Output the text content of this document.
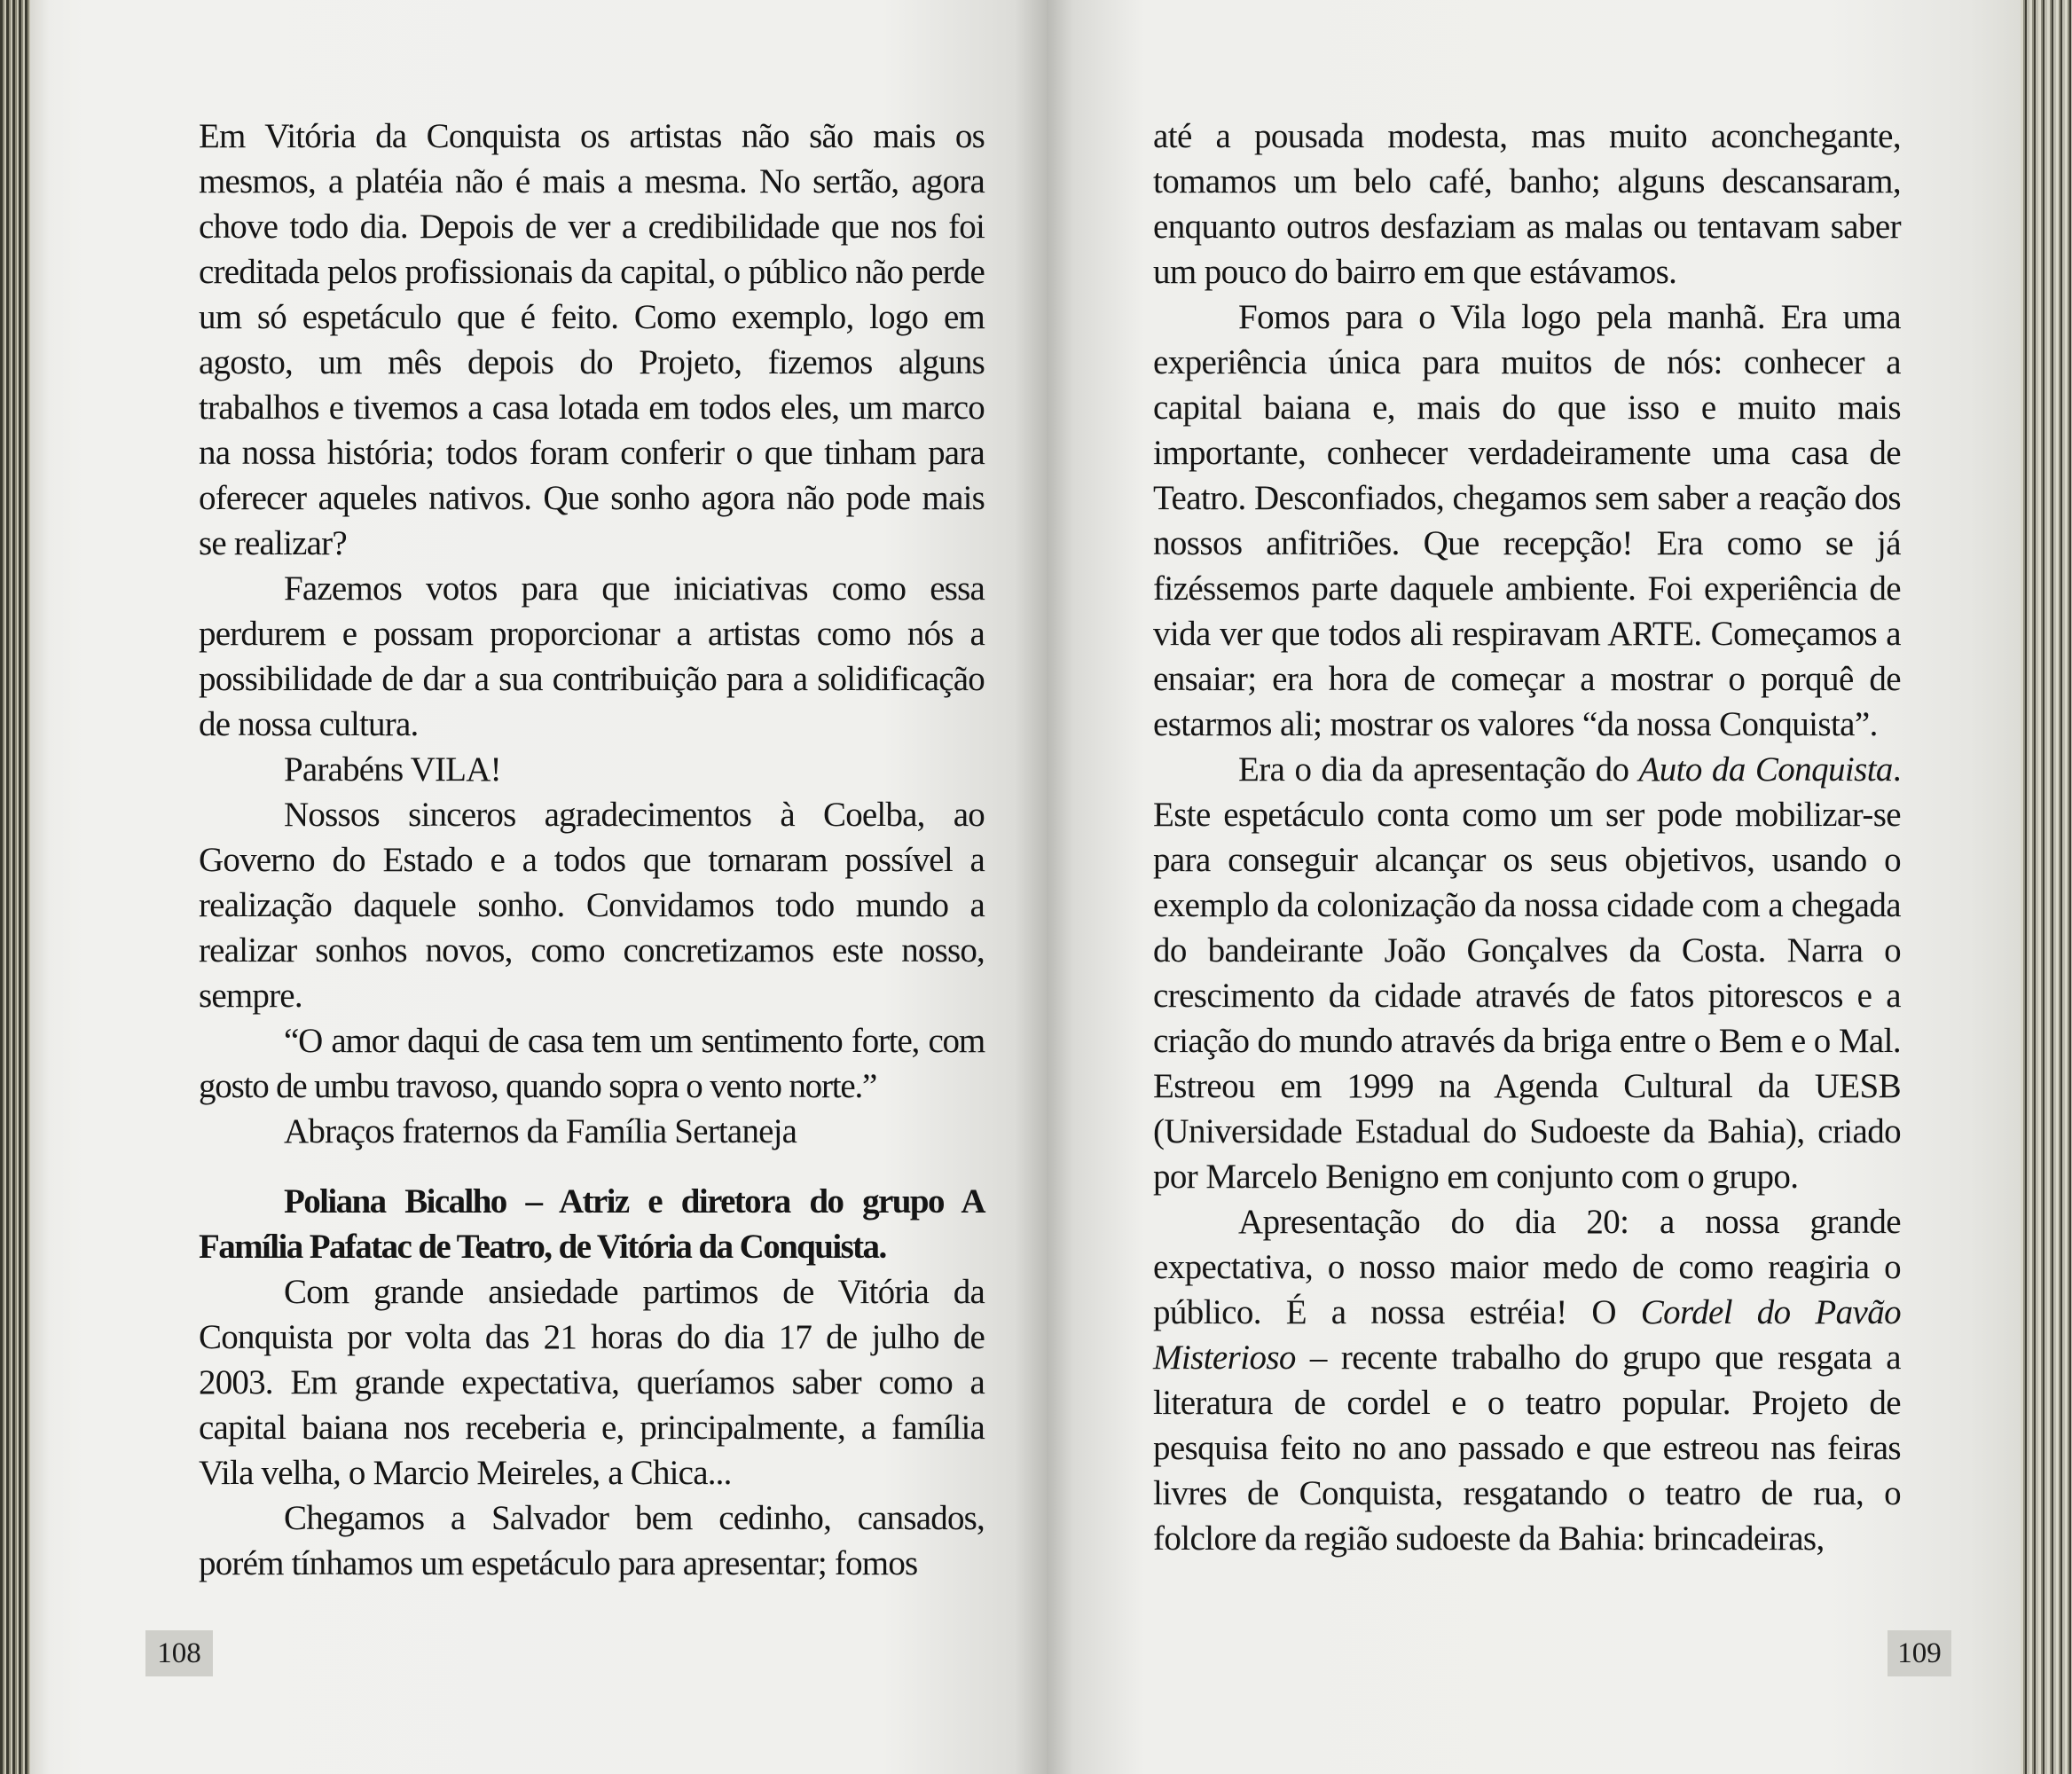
Em Vitória da Conquista os artistas não são mais os mesmos, a platéia não é mais a mesma. No sertão, agora chove todo dia. Depois de ver a credibilidade que nos foi creditada pelos profissionais da capital, o público não perde um só espetáculo que é feito. Como exemplo, logo em agosto, um mês depois do Projeto, fizemos alguns trabalhos e tivemos a casa lotada em todos eles, um marco na nossa história; todos foram conferir o que tinham para oferecer aqueles nativos. Que sonho agora não pode mais se realizar?

Fazemos votos para que iniciativas como essa perdurem e possam proporcionar a artistas como nós a possibilidade de dar a sua contribuição para a solidificação de nossa cultura.

Parabéns VILA!

Nossos sinceros agradecimentos à Coelba, ao Governo do Estado e a todos que tornaram possível a realização daquele sonho. Convidamos todo mundo a realizar sonhos novos, como concretizamos este nosso, sempre.

“O amor daqui de casa tem um sentimento forte, com gosto de umbu travoso, quando sopra o vento norte.”

Abraços fraternos da Família Sertaneja

Poliana Bicalho – Atriz e diretora do grupo A Família Pafatac de Teatro, de Vitória da Conquista.

Com grande ansiedade partimos de Vitória da Conquista por volta das 21 horas do dia 17 de julho de 2003. Em grande expectativa, queríamos saber como a capital baiana nos receberia e, principalmente, a família Vila velha, o Marcio Meireles, a Chica...

Chegamos a Salvador bem cedinho, cansados, porém tínhamos um espetáculo para apresentar; fomos

108

até a pousada modesta, mas muito aconchegante, tomamos um belo café, banho; alguns descansaram, enquanto outros desfaziam as malas ou tentavam saber um pouco do bairro em que estávamos.

Fomos para o Vila logo pela manhã. Era uma experiência única para muitos de nós: conhecer a capital baiana e, mais do que isso e muito mais importante, conhecer verdadeiramente uma casa de Teatro. Desconfiados, chegamos sem saber a reação dos nossos anfitriões. Que recepção! Era como se já fizéssemos parte daquele ambiente. Foi experiência de vida ver que todos ali respiravam ARTE. Começamos a ensaiar; era hora de começar a mostrar o porquê de estarmos ali; mostrar os valores “da nossa Conquista”.

Era o dia da apresentação do Auto da Conquista. Este espetáculo conta como um ser pode mobilizar-se para conseguir alcançar os seus objetivos, usando o exemplo da colonização da nossa cidade com a chegada do bandeirante João Gonçalves da Costa. Narra o crescimento da cidade através de fatos pitorescos e a criação do mundo através da briga entre o Bem e o Mal. Estreou em 1999 na Agenda Cultural da UESB (Universidade Estadual do Sudoeste da Bahia), criado por Marcelo Benigno em conjunto com o grupo.

Apresentação do dia 20: a nossa grande expectativa, o nosso maior medo de como reagiria o público. É a nossa estréia! O Cordel do Pavão Misterioso – recente trabalho do grupo que resgata a literatura de cordel e o teatro popular. Projeto de pesquisa feito no ano passado e que estreou nas feiras livres de Conquista, resgatando o teatro de rua, o folclore da região sudoeste da Bahia: brincadeiras,

109
